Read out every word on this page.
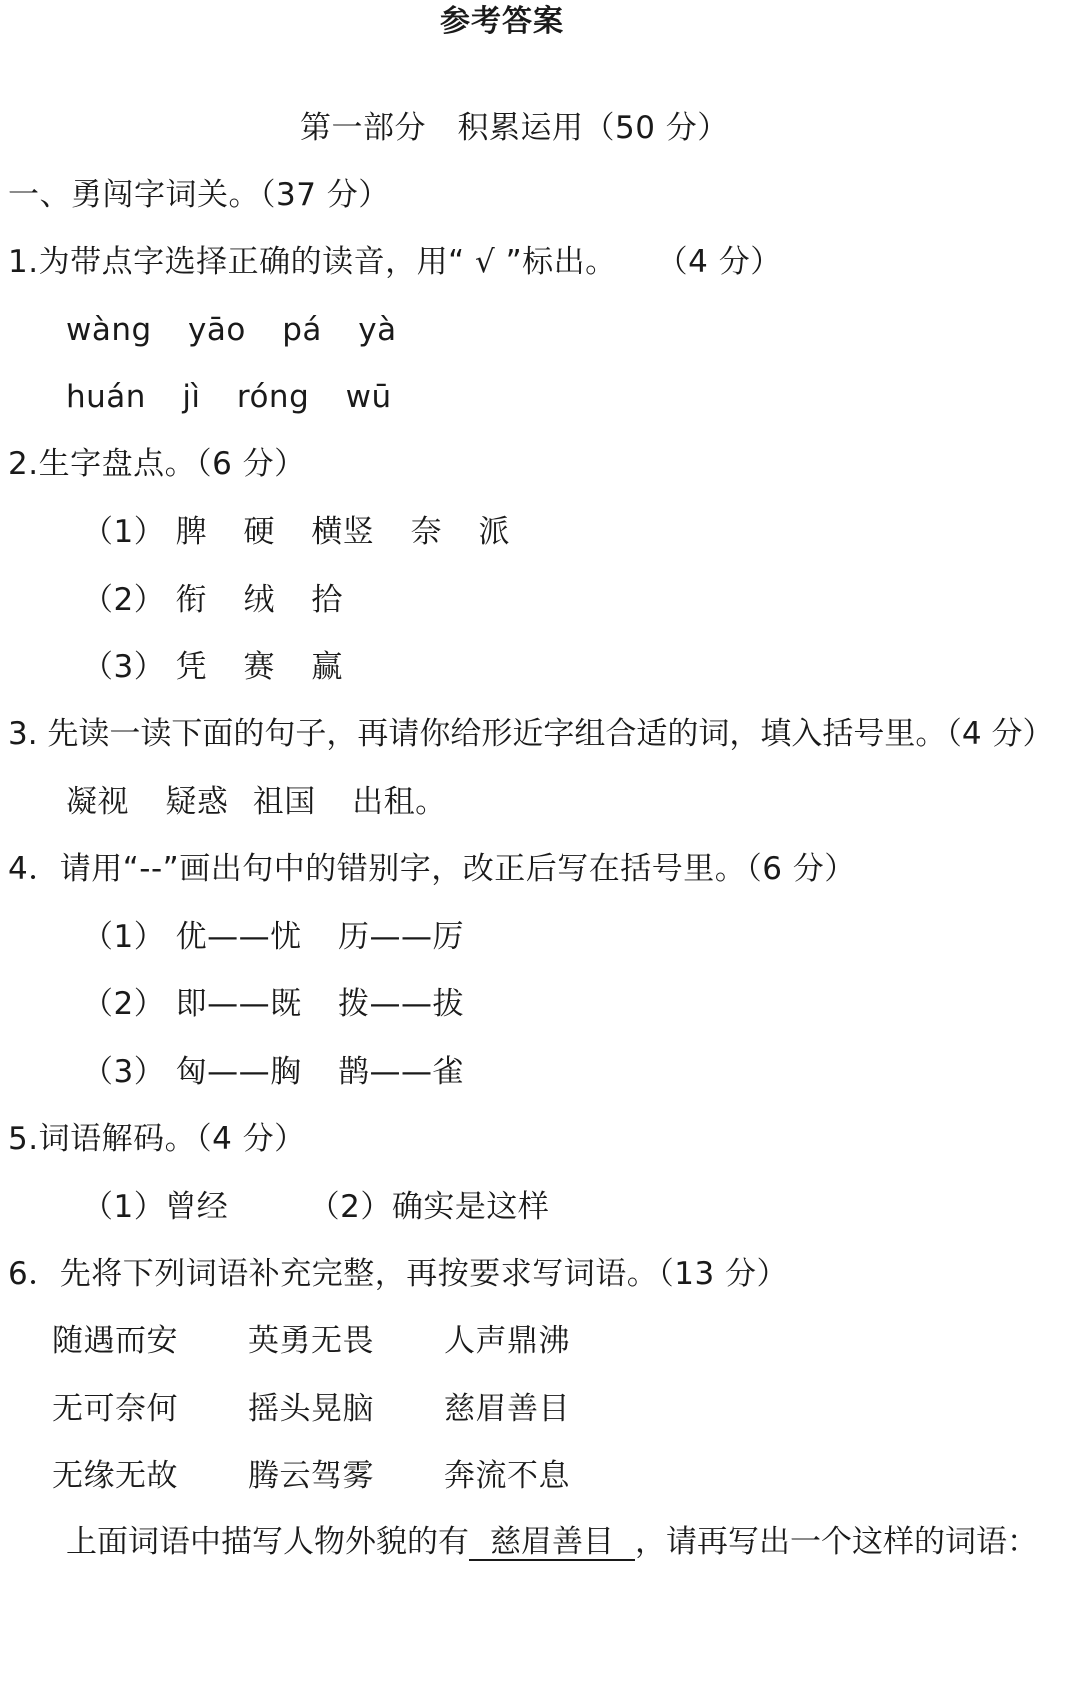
参考答案
第一部分　积累运用（50 分）
一、勇闯字词关。（37 分）
1.为带点字选择正确的读音，用“ √ ”标出。 （4 分）
wàng yāo pá yà
huán jì róng wū
2.生字盘点。（6 分）
（1） 脾 硬 横竖 奈 派
（2） 衔 绒 拾
（3） 凭 赛 赢
3. 先读一读下面的句子，再请你给形近字组合适的词，填入括号里。（4 分）
凝视 疑惑 祖国 出租。
4．请用“--”画出句中的错别字，改正后写在括号里。（6 分）
（1） 优——忧 历——厉
（2） 即——既 拨——拔
（3） 匈——胸 鹊——雀
5.词语解码。（4 分）
（1）曾经	（2）确实是这样
6．先将下列词语补充完整，再按要求写词语。（13 分）
随遇而安 英勇无畏 人声鼎沸
无可奈何 摇头晃脑 慈眉善目
无缘无故 腾云驾雾 奔流不息
上面词语中描写人物外貌的有 慈眉善目 ，请再写出一个这样的词语：
